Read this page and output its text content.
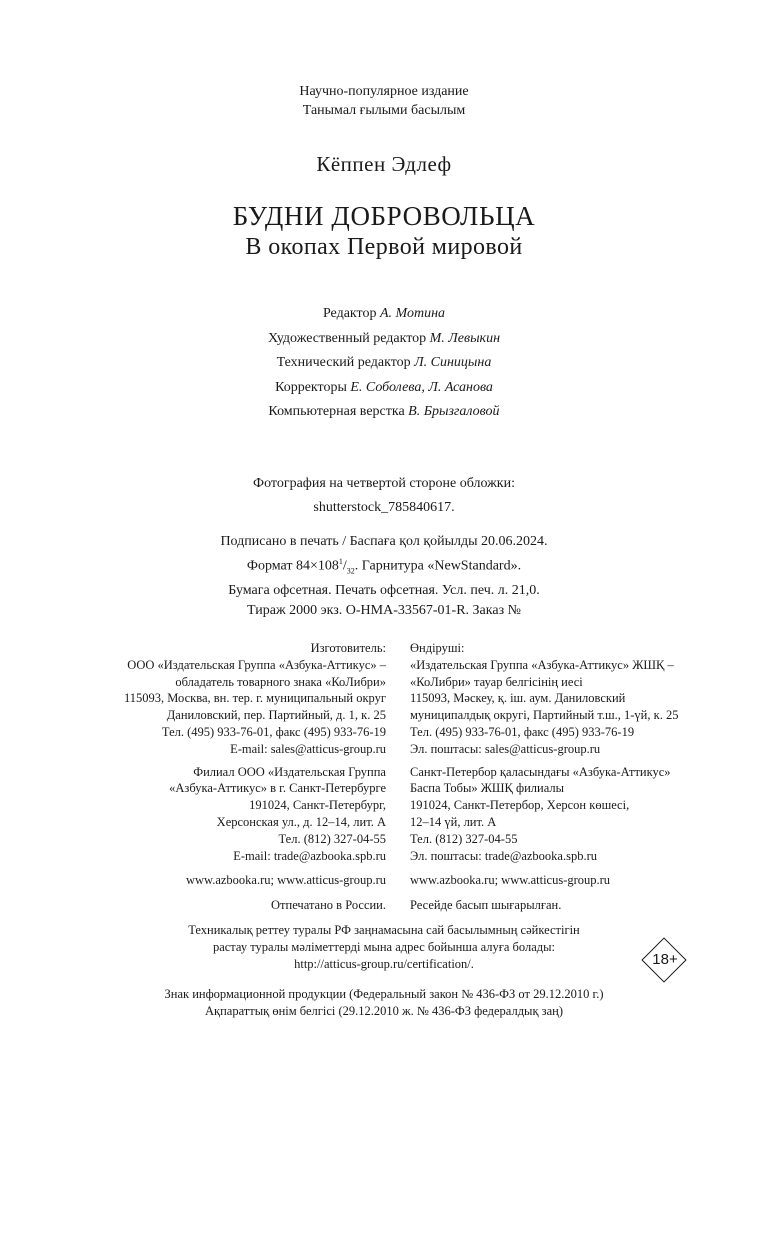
Научно-популярное издание
Танымал ғылыми басылым
Кёппен Эдлеф
БУДНИ ДОБРОВОЛЬЦА
В окопах Первой мировой
Редактор А. Мотина
Художественный редактор М. Левыкин
Технический редактор Л. Синицына
Корректоры Е. Соболева, Л. Асанова
Компьютерная верстка В. Брызгаловой
Фотография на четвертой стороне обложки:
shutterstock_785840617.
Подписано в печать / Баспаға қол қойылды 20.06.2024.
Формат $84\times 108^1/_{32}$. Гарнитура «NewStandard».
Бумага офсетная. Печать офсетная. Усл. печ. л. 21,0.
Тираж 2000 экз. О-НМА-33567-01-R. Заказ №
Изготовитель:
ООО «Издательская Группа «Азбука-Аттикус» –
обладатель товарного знака «КоЛибри»
115093, Москва, вн. тер. г. муниципальный округ
Даниловский, пер. Партийный, д. 1, к. 25
Тел. (495) 933-76-01, факс (495) 933-76-19
E-mail: sales@atticus-group.ru
Филиал ООО «Издательская Группа
«Азбука-Аттикус» в г. Санкт-Петербурге
191024, Санкт-Петербург,
Херсонская ул., д. 12–14, лит. А
Тел. (812) 327-04-55
E-mail: trade@azbooka.spb.ru
www.azbooka.ru; www.atticus-group.ru
Отпечатано в России.
Өндіруші:
«Издательская Группа «Азбука-Аттикус» ЖШҚ –
«КоЛибри» тауар белгісінің иесі
115093, Мәскеу, қ. іш. аум. Даниловский
муниципалдық округі, Партийный т.ш., 1-үй, к. 25
Тел. (495) 933-76-01, факс (495) 933-76-19
Эл. поштасы: sales@atticus-group.ru
Санкт-Петербор қаласындағы «Азбука-Аттикус»
Баспа Тобы» ЖШҚ филиалы
191024, Санкт-Петербор, Херсон көшесі,
12–14 үй, лит. А
Тел. (812) 327-04-55
Эл. поштасы: trade@azbooka.spb.ru
www.azbooka.ru; www.atticus-group.ru
Ресейде басып шығарылған.
Техникалық реттеу туралы РФ заңнамасына сай басылымның сәйкестігін
растау туралы мәліметтерді мына адрес бойынша алуға болады:
http://atticus-group.ru/certification/.	18+
Знак информационной продукции (Федеральный закон № 436-ФЗ от 29.12.2010 г.)
Ақпараттық өнім белгісі (29.12.2010 ж. № 436-ФЗ федералдық заң)
